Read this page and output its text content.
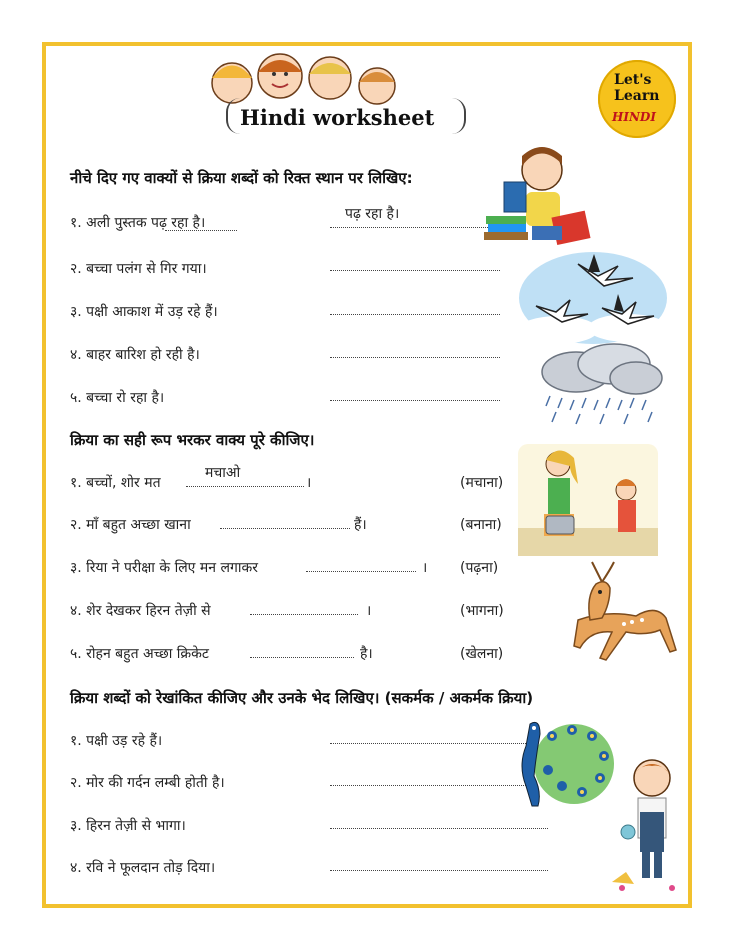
Hindi worksheet
Let's
Learn
HINDI
नीचे दिए गए वाक्यों से क्रिया शब्दों को रिक्त स्थान पर लिखिए:
१. अली पुस्तक पढ़ रहा है।
पढ़ रहा है।
२. बच्चा पलंग से गिर गया।
३. पक्षी आकाश में उड़ रहे हैं।
४. बाहर बारिश हो रही है।
५. बच्चा रो रहा है।
क्रिया का सही रूप भरकर वाक्य पूरे कीजिए।
१. बच्चों, शोर मत
मचाओ
।	(मचाना)
२. माँ बहुत अच्छा खाना	हैं।	(बनाना)
३. रिया ने परीक्षा के लिए मन लगाकर	। (पढ़ना)
४. शेर देखकर हिरन तेज़ी से	।	(भागना)
५. रोहन बहुत अच्छा क्रिकेट	है।	(खेलना)
क्रिया शब्दों को रेखांकित कीजिए और उनके भेद लिखिए। (सकर्मक / अकर्मक क्रिया)
१. पक्षी उड़ रहे हैं।
२. मोर की गर्दन लम्बी होती है।
३. हिरन तेज़ी से भागा।
४. रवि ने फूलदान तोड़ दिया।
